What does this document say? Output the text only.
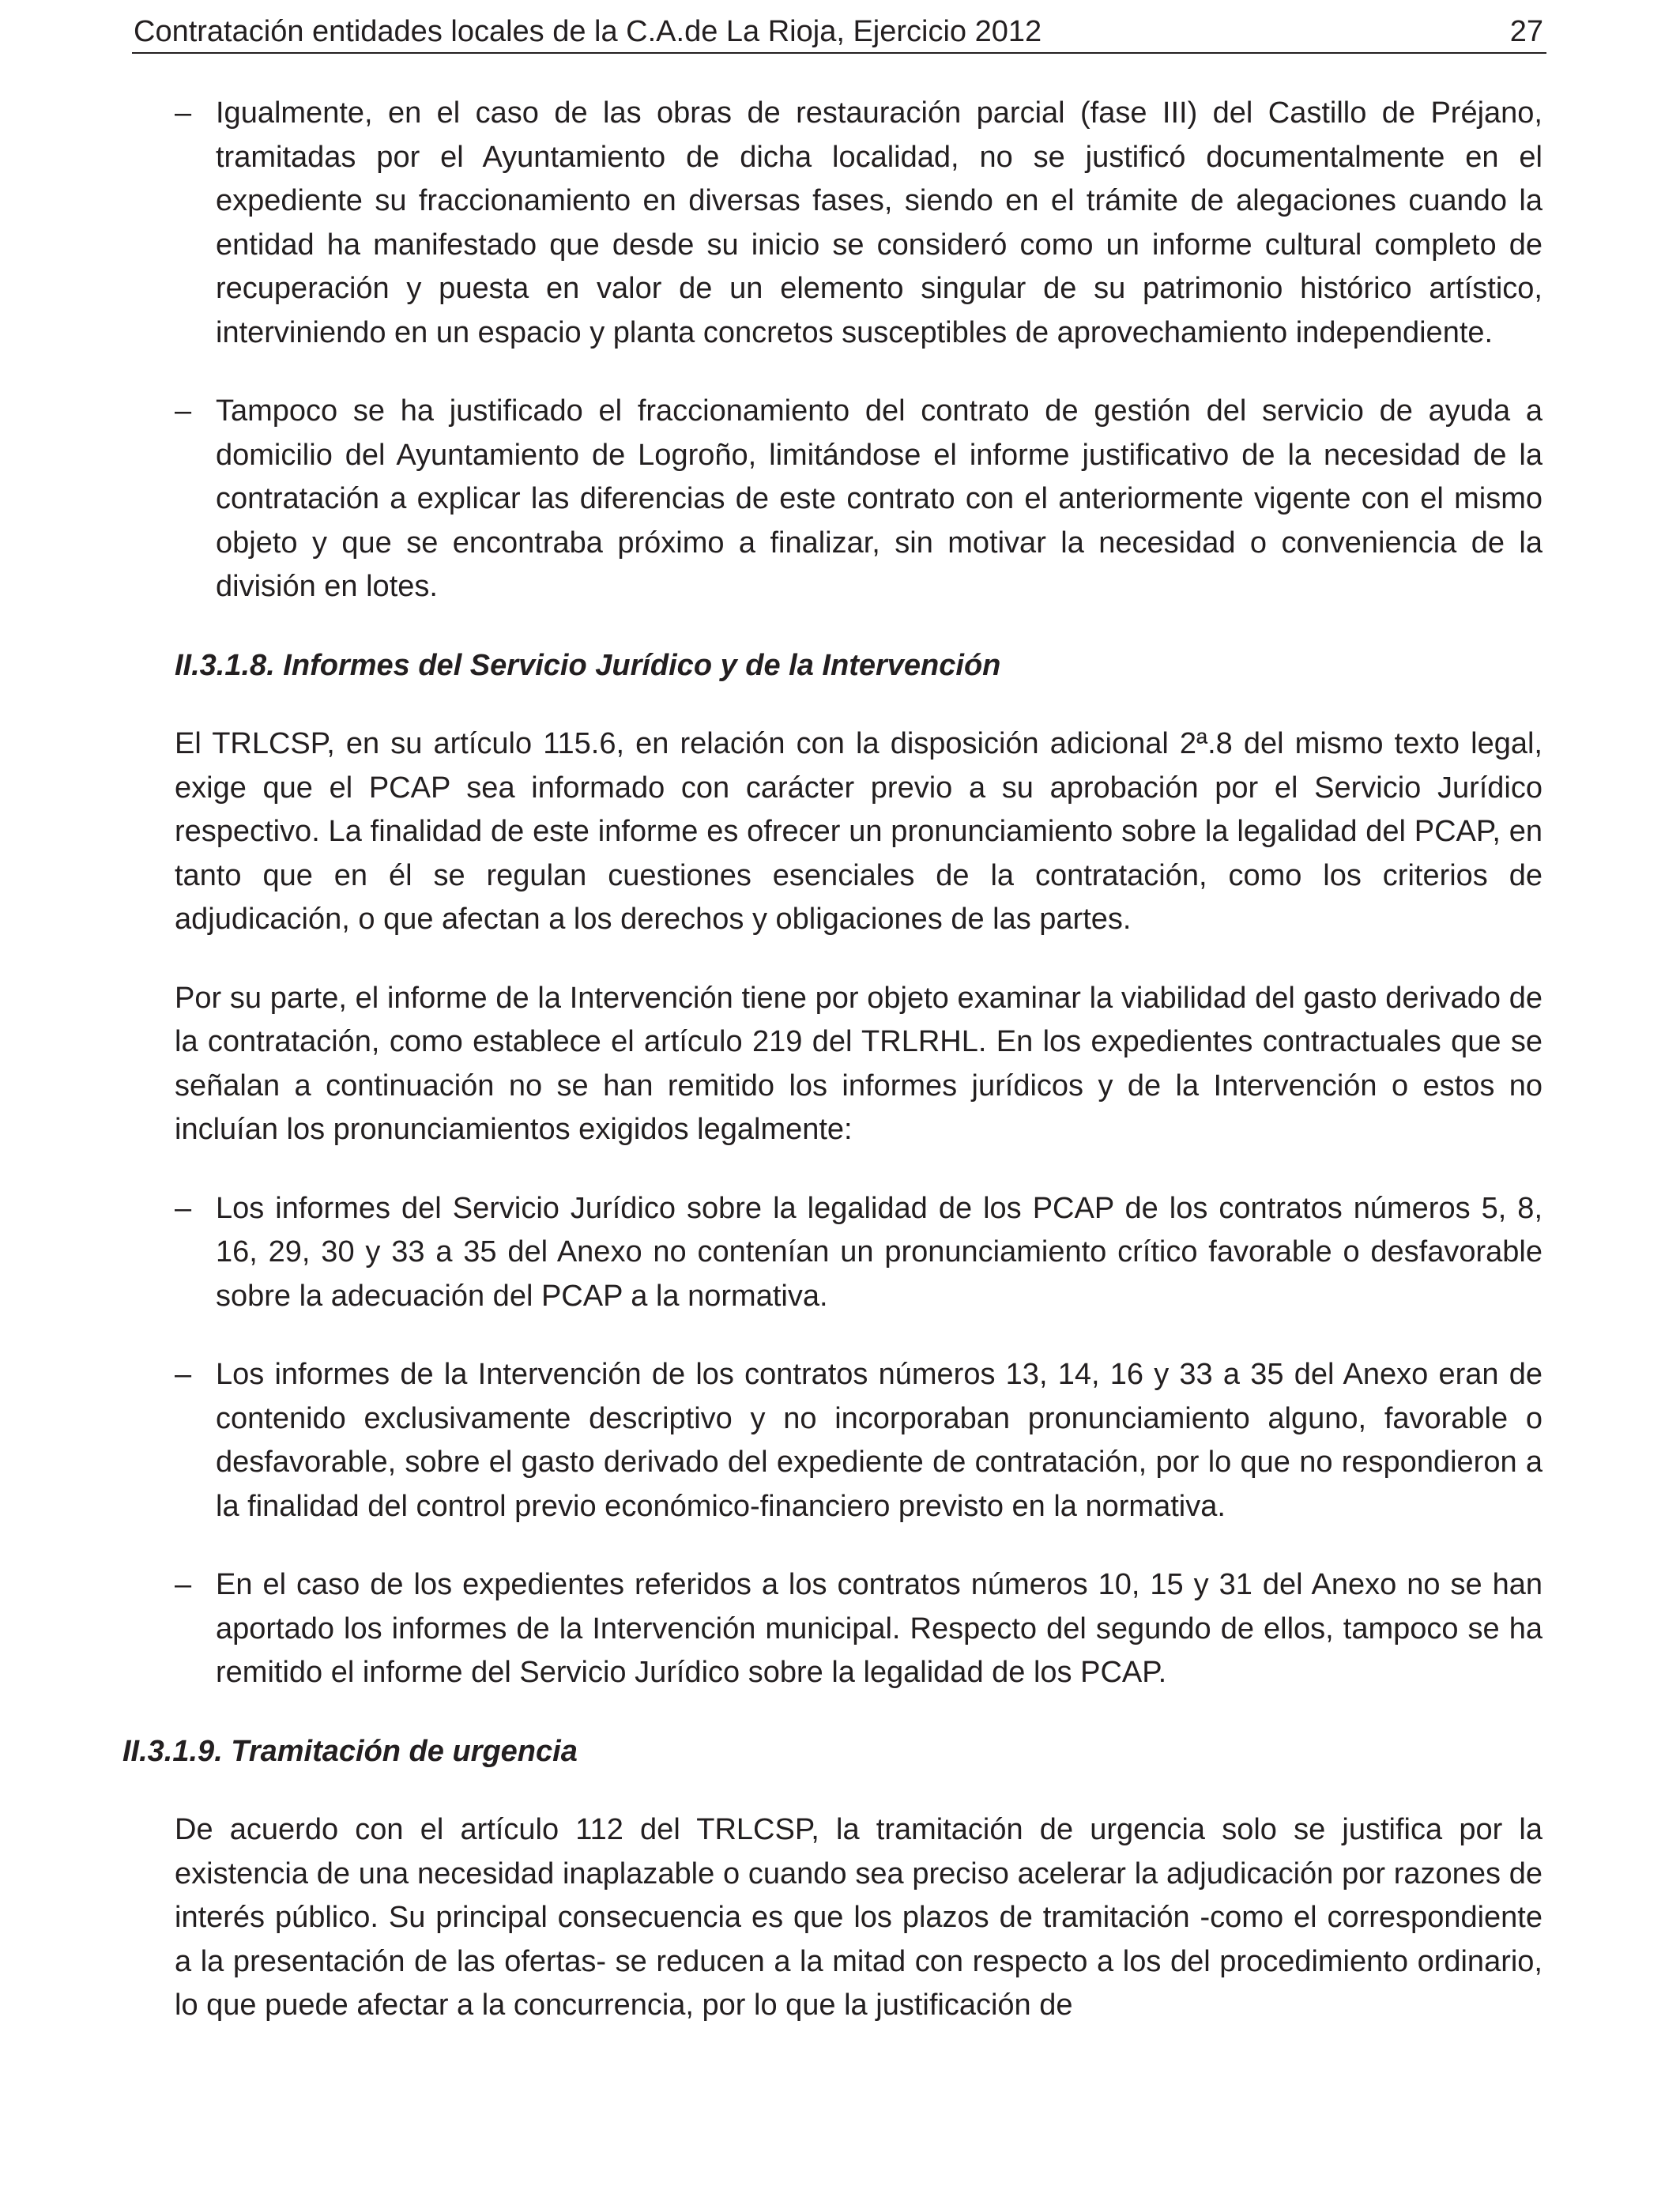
Contratación entidades locales de la C.A.de La Rioja, Ejercicio 2012	27
– Igualmente, en el caso de las obras de restauración parcial (fase III) del Castillo de Préjano, tramitadas por el Ayuntamiento de dicha localidad, no se justificó documentalmente en el expediente su fraccionamiento en diversas fases, siendo en el trámite de alegaciones cuando la entidad ha manifestado que desde su inicio se consideró como un informe cultural completo de recuperación y puesta en valor de un elemento singular de su patrimonio histórico artístico, interviniendo en un espacio y planta concretos susceptibles de aprovechamiento independiente.
– Tampoco se ha justificado el fraccionamiento del contrato de gestión del servicio de ayuda a domicilio del Ayuntamiento de Logroño, limitándose el informe justificativo de la necesidad de la contratación a explicar las diferencias de este contrato con el anteriormente vigente con el mismo objeto y que se encontraba próximo a finalizar, sin motivar la necesidad o conveniencia de la división en lotes.
II.3.1.8. Informes del Servicio Jurídico y de la Intervención
El TRLCSP, en su artículo 115.6, en relación con la disposición adicional 2ª.8 del mismo texto legal, exige que el PCAP sea informado con carácter previo a su aprobación por el Servicio Jurídico respectivo. La finalidad de este informe es ofrecer un pronunciamiento sobre la legalidad del PCAP, en tanto que en él se regulan cuestiones esenciales de la contratación, como los criterios de adjudicación, o que afectan a los derechos y obligaciones de las partes.
Por su parte, el informe de la Intervención tiene por objeto examinar la viabilidad del gasto derivado de la contratación, como establece el artículo 219 del TRLRHL. En los expedientes contractuales que se señalan a continuación no se han remitido los informes jurídicos y de la Intervención o estos no incluían los pronunciamientos exigidos legalmente:
– Los informes del Servicio Jurídico sobre la legalidad de los PCAP de los contratos números 5, 8, 16, 29, 30 y 33 a 35 del Anexo no contenían un pronunciamiento crítico favorable o desfavorable sobre la adecuación del PCAP a la normativa.
– Los informes de la Intervención de los contratos números 13, 14, 16 y 33 a 35 del Anexo eran de contenido exclusivamente descriptivo y no incorporaban pronunciamiento alguno, favorable o desfavorable, sobre el gasto derivado del expediente de contratación, por lo que no respondieron a la finalidad del control previo económico-financiero previsto en la normativa.
– En el caso de los expedientes referidos a los contratos números 10, 15 y 31 del Anexo no se han aportado los informes de la Intervención municipal. Respecto del segundo de ellos, tampoco se ha remitido el informe del Servicio Jurídico sobre la legalidad de los PCAP.
II.3.1.9. Tramitación de urgencia
De acuerdo con el artículo 112 del TRLCSP, la tramitación de urgencia solo se justifica por la existencia de una necesidad inaplazable o cuando sea preciso acelerar la adjudicación por razones de interés público. Su principal consecuencia es que los plazos de tramitación -como el correspondiente a la presentación de las ofertas- se reducen a la mitad con respecto a los del procedimiento ordinario, lo que puede afectar a la concurrencia, por lo que la justificación de
